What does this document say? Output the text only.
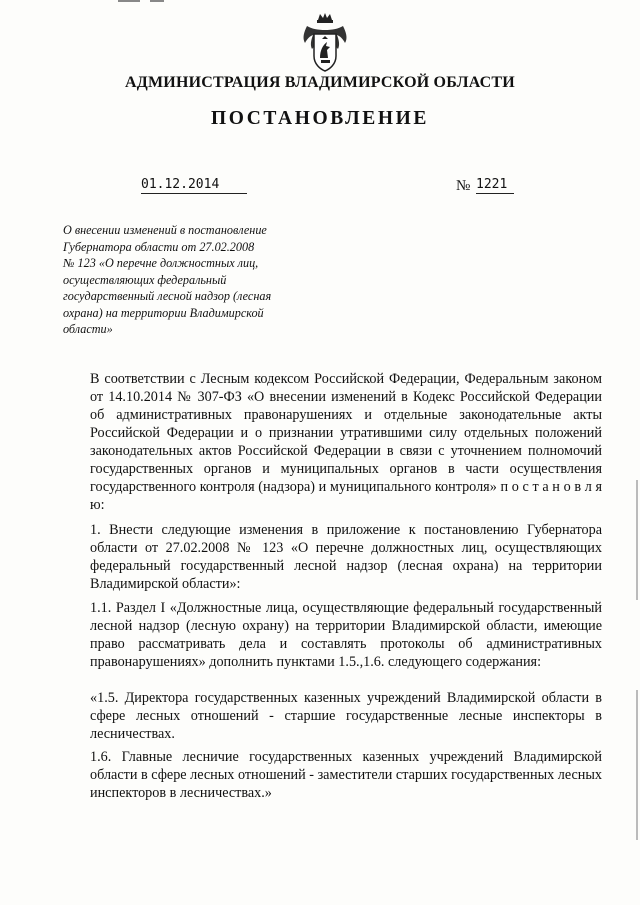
АДМИНИСТРАЦИЯ ВЛАДИМИРСКОЙ ОБЛАСТИ
ПОСТАНОВЛЕНИЕ
01.12.2014	№ 1221
О внесении изменений в постановление
Губернатора области от 27.02.2008
№ 123 «О перечне должностных лиц,
осуществляющих федеральный
государственный лесной надзор (лесная
охрана) на территории Владимирской
области»
В соответствии с Лесным кодексом Российской Федерации, Федеральным законом от 14.10.2014 № 307-ФЗ «О внесении изменений в Кодекс Российской Федерации об административных правонарушениях и отдельные законодательные акты Российской Федерации и о признании утратившими силу отдельных положений законодательных актов Российской Федерации в связи с уточнением полномочий государственных органов и муниципальных органов в части осуществления государственного контроля (надзора) и муниципального контроля» п о с т а н о в л я ю:
1. Внести следующие изменения в приложение к постановлению Губернатора области от 27.02.2008 № 123 «О перечне должностных лиц, осуществляющих федеральный государственный лесной надзор (лесная охрана) на территории Владимирской области»:
1.1. Раздел I «Должностные лица, осуществляющие федеральный государственный лесной надзор (лесную охрану) на территории Владимирской области, имеющие право рассматривать дела и составлять протоколы об административных правонарушениях» дополнить пунктами 1.5.,1.6. следующего содержания:
«1.5. Директора государственных казенных учреждений Владимирской области в сфере лесных отношений - старшие государственные лесные инспекторы в лесничествах.
1.6. Главные лесничие государственных казенных учреждений Владимирской области в сфере лесных отношений - заместители старших государственных лесных инспекторов в лесничествах.»
